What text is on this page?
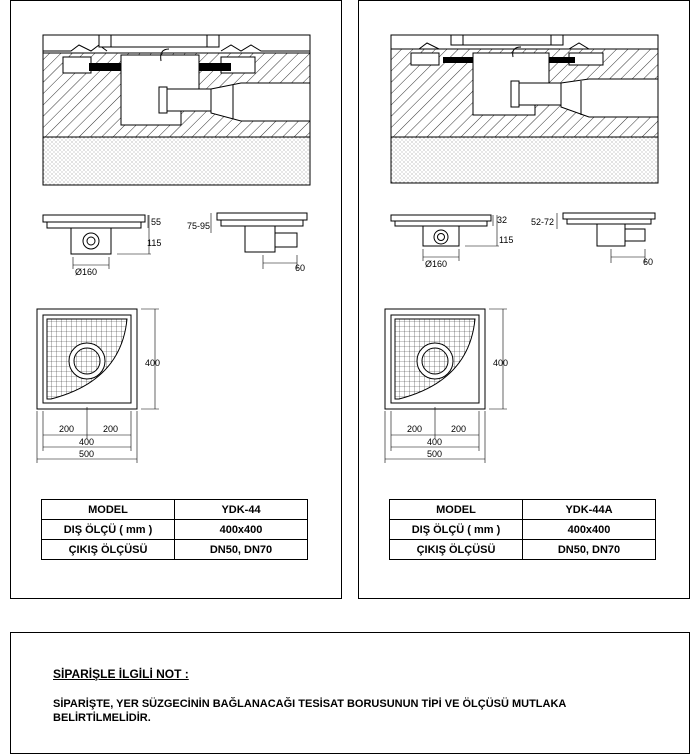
55
115
75-95
Ø160	60
400
200	200
400
500
MODEL	YDK-44
DIŞ ÖLÇÜ ( mm )	400x400
ÇIKIŞ ÖLÇÜSÜ	DN50, DN70
32
115
52-72
Ø160	60
400
200	200
400
500
MODEL	YDK-44A
DIŞ ÖLÇÜ ( mm )	400x400
ÇIKIŞ ÖLÇÜSÜ	DN50, DN70
SİPARİŞLE İLGİLİ NOT :
SİPARİŞTE, YER SÜZGECİNİN BAĞLANACAĞI TESİSAT BORUSUNUN TİPİ VE ÖLÇÜSÜ MUTLAKA BELİRTİLMELİDİR.
